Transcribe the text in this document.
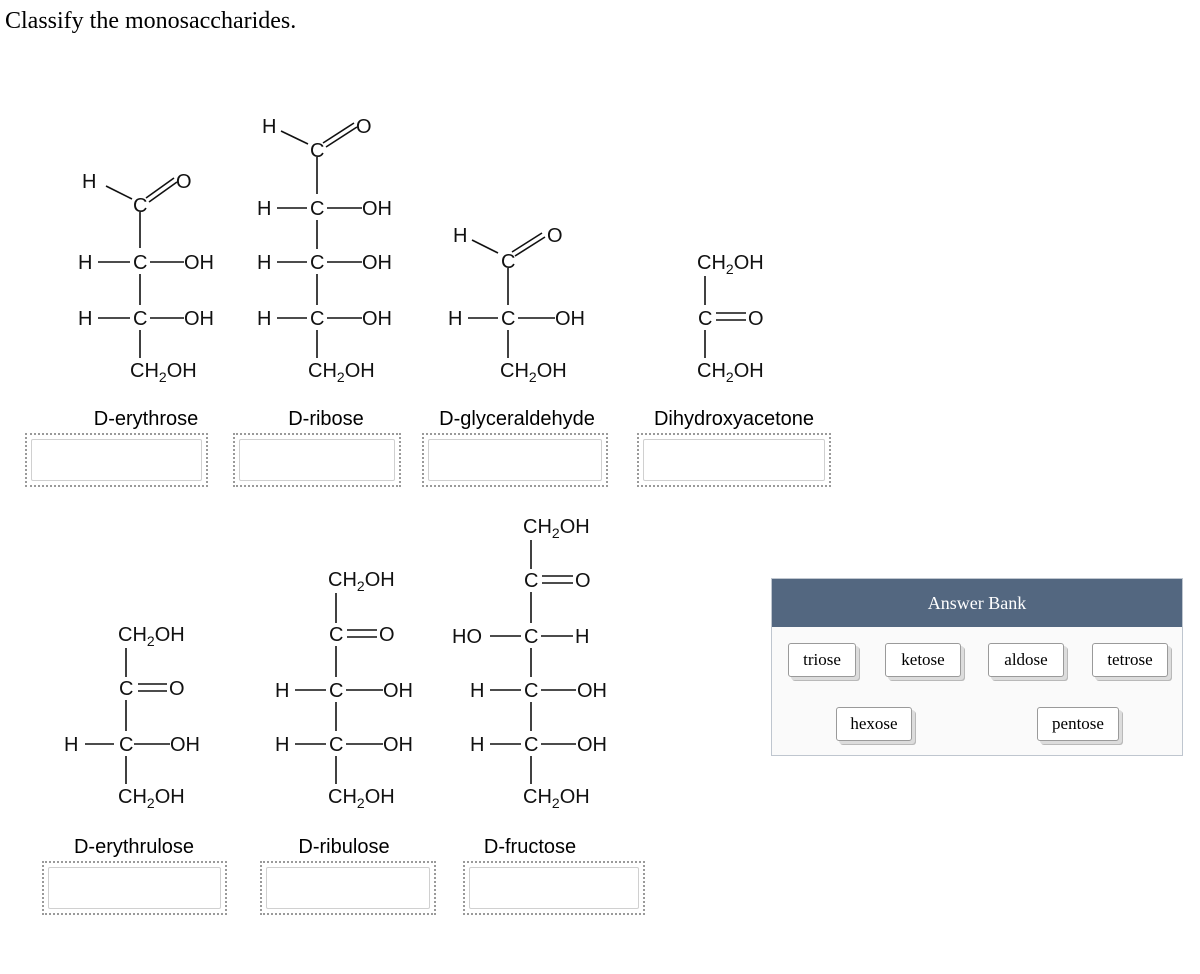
Classify the monosaccharides.
H	O
C
H C OH
H C OH
$CH_2OH$
H	O
C
H C OH
H C OH
H C OH
$CH_2OH$
H	O
C
H C OH
$CH_2OH$
$CH_2OH$
C O
$CH_2OH$
$CH_2OH$
C O
H C OH
$CH_2OH$
$CH_2OH$
C O
H C OH
H C OH
$CH_2OH$
$CH_2OH$
C O
HO C H
H C OH
H C OH
$CH_2OH$
D-erythrose	D-ribose	D-glyceraldehyde	Dihydroxyacetone
D-erythrulose	D-ribulose	D-fructose
Answer Bank
triose	ketose	aldose	tetrose
hexose	pentose
